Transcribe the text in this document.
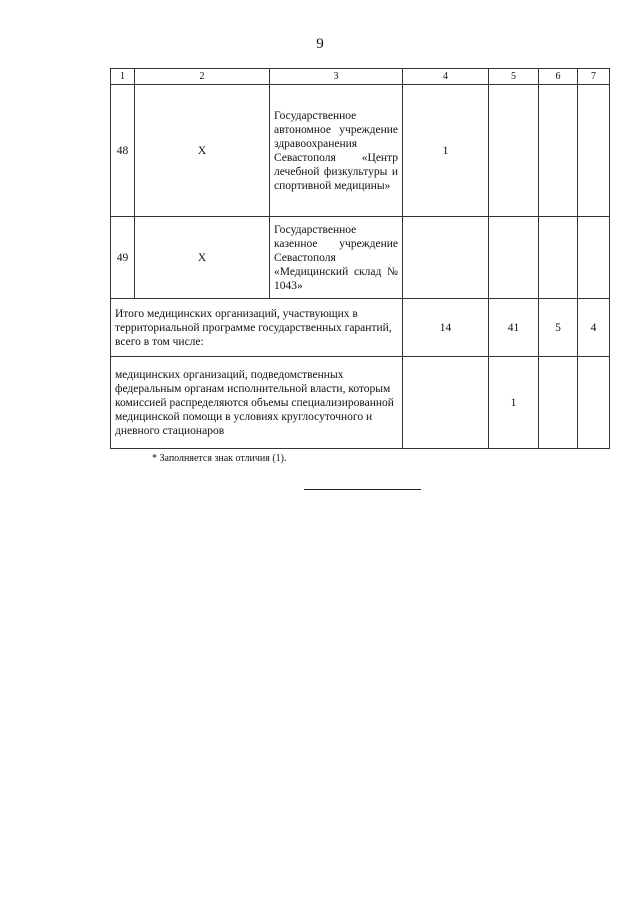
9
1	2	3	4	5	6	7
48	X	Государственное автономное учреждение здравоохранения Севастополя «Центр лечебной физкультуры и спортивной медицины»	1			
49	X	Государственное казенное учреждение Севастополя «Медицинский склад № 1043»				
Итого медицинских организаций, участвующих в территориальной программе государственных гарантий, всего в том числе:			14	41	5	4
медицинских организаций, подведомственных федеральным органам исполнительной власти, которым комиссией распределяются объемы специализированной медицинской помощи в условиях круглосуточного и дневного стационаров				1		
* Заполняется знак отличия (1).
